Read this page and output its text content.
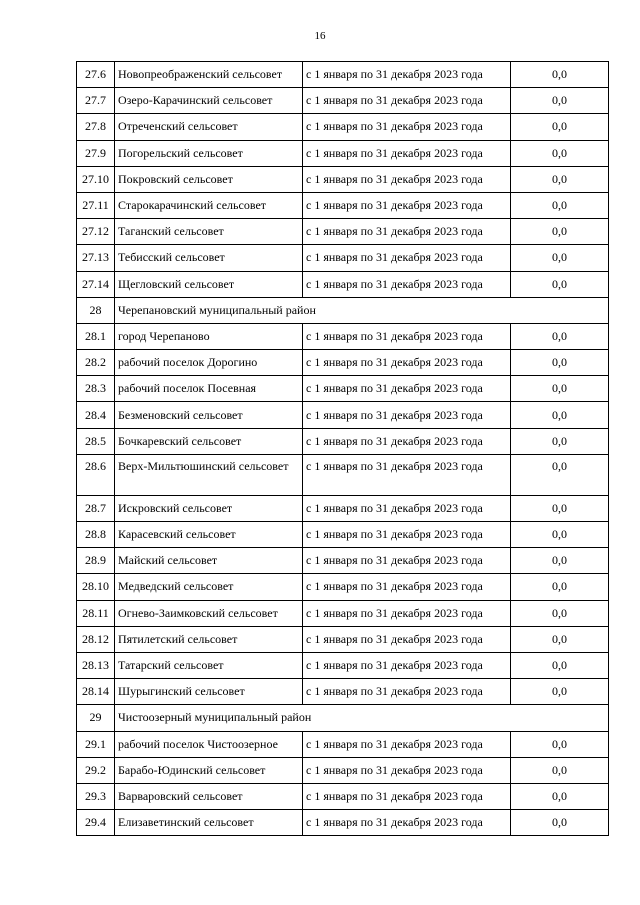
16
27.6	Новопреображенский сельсовет	с 1 января по 31 декабря 2023 года	0,0
27.7	Озеро-Карачинский сельсовет	с 1 января по 31 декабря 2023 года	0,0
27.8	Отреченский сельсовет	с 1 января по 31 декабря 2023 года	0,0
27.9	Погорельский сельсовет	с 1 января по 31 декабря 2023 года	0,0
27.10	Покровский сельсовет	с 1 января по 31 декабря 2023 года	0,0
27.11	Старокарачинский сельсовет	с 1 января по 31 декабря 2023 года	0,0
27.12	Таганский сельсовет	с 1 января по 31 декабря 2023 года	0,0
27.13	Тебисский сельсовет	с 1 января по 31 декабря 2023 года	0,0
27.14	Щегловский сельсовет	с 1 января по 31 декабря 2023 года	0,0
28	Черепановский муниципальный район		
28.1	город Черепаново	с 1 января по 31 декабря 2023 года	0,0
28.2	рабочий поселок Дорогино	с 1 января по 31 декабря 2023 года	0,0
28.3	рабочий поселок Посевная	с 1 января по 31 декабря 2023 года	0,0
28.4	Безменовский сельсовет	с 1 января по 31 декабря 2023 года	0,0
28.5	Бочкаревский сельсовет	с 1 января по 31 декабря 2023 года	0,0
28.6	Верх-Мильтюшинский сельсовет	с 1 января по 31 декабря 2023 года	0,0
28.7	Искровский сельсовет	с 1 января по 31 декабря 2023 года	0,0
28.8	Карасевский сельсовет	с 1 января по 31 декабря 2023 года	0,0
28.9	Майский сельсовет	с 1 января по 31 декабря 2023 года	0,0
28.10	Медведский сельсовет	с 1 января по 31 декабря 2023 года	0,0
28.11	Огнево-Заимковский сельсовет	с 1 января по 31 декабря 2023 года	0,0
28.12	Пятилетский сельсовет	с 1 января по 31 декабря 2023 года	0,0
28.13	Татарский сельсовет	с 1 января по 31 декабря 2023 года	0,0
28.14	Шурыгинский сельсовет	с 1 января по 31 декабря 2023 года	0,0
29	Чистоозерный муниципальный район		
29.1	рабочий поселок Чистоозерное	с 1 января по 31 декабря 2023 года	0,0
29.2	Барабо-Юдинский сельсовет	с 1 января по 31 декабря 2023 года	0,0
29.3	Варваровский сельсовет	с 1 января по 31 декабря 2023 года	0,0
29.4	Елизаветинский сельсовет	с 1 января по 31 декабря 2023 года	0,0
